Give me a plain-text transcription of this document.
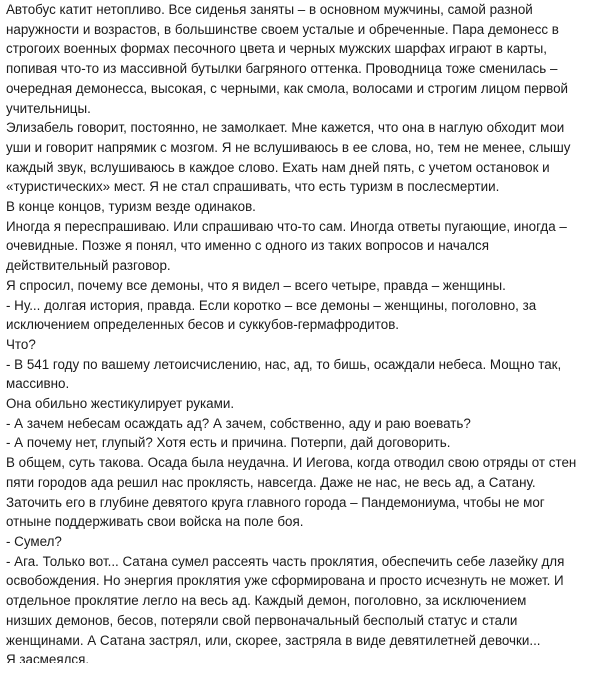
Автобус катит нетопливо. Все сиденья заняты – в основном мужчины, самой разной

наружности и возрастов, в большинстве своем усталые и обреченные. Пара демонесс в

строгоих военных формах песочного цвета и черных мужских шарфах играют в карты,

попивая что-то из массивной бутылки багряного оттенка. Проводница тоже сменилась –

очередная демонесса, высокая, с черными, как смола, волосами и строгим лицом первой

учительницы.

Элизабель говорит, постоянно, не замолкает. Мне кажется, что она в наглую обходит мои

уши и говорит напрямик с мозгом. Я не вслушиваюсь в ее слова, но, тем не менее, слышу

каждый звук, вслушиваюсь в каждое слово. Ехать нам дней пять, с учетом остановок и

«туристических» мест. Я не стал спрашивать, что есть туризм в послесмертии.

В конце концов, туризм везде одинаков.

Иногда я переспрашиваю. Или спрашиваю что-то сам. Иногда ответы пугающие, иногда –

очевидные. Позже я понял, что именно с одного из таких вопросов и начался

действительный разговор.

Я спросил, почему все демоны, что я видел – всего четыре, правда – женщины.

- Ну... долгая история, правда. Если коротко – все демоны – женщины, поголовно, за

исключением определенных бесов и суккубов-гермафродитов.

Что?

- В 541 году по вашему летоисчислению, нас, ад, то бишь, осаждали небеса. Мощно так,

массивно.

Она обильно жестикулирует руками.

- А зачем небесам осаждать ад? А зачем, собственно, аду и раю воевать?

- А почему нет, глупый? Хотя есть и причина. Потерпи, дай договорить.

В общем, суть такова. Осада была неудачна. И Иегова, когда отводил свою отряды от стен

пяти городов ада решил нас проклясть, навсегда. Даже не нас, не весь ад, а Сатану.

Заточить его в глубине девятого круга главного города – Пандемониума, чтобы не мог

отныне поддерживать свои войска на поле боя.

- Сумел?

- Ага. Только вот... Сатана сумел рассеять часть проклятия, обеспечить себе лазейку для

освобождения. Но энергия проклятия уже сформирована и просто исчезнуть не может. И

отдельное проклятие легло на весь ад. Каждый демон, поголовно, за исключением

низших демонов, бесов, потеряли свой первоначальный бесполый статус и стали

женщинами. А Сатана застрял, или, скорее, застряла в виде девятилетней девочки...

Я засмеялся.
